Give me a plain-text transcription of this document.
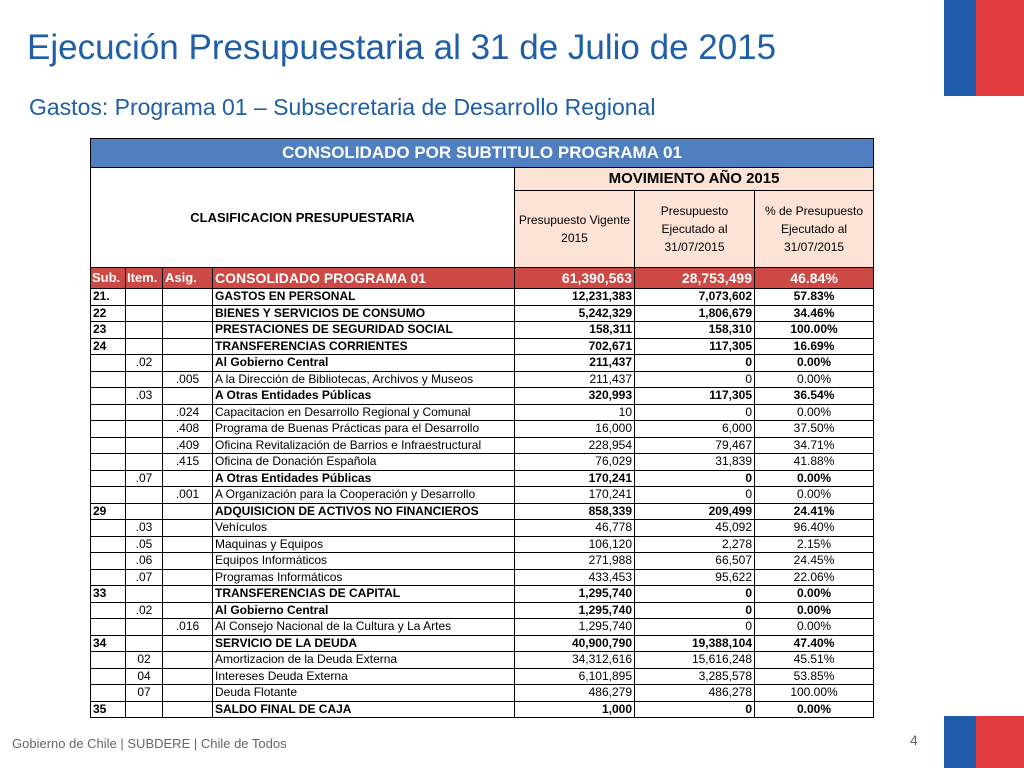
Ejecución Presupuestaria al 31 de Julio de 2015
Gastos: Programa 01 – Subsecretaria de Desarrollo Regional
CONSOLIDADO POR SUBTITULO PROGRAMA 01						
CLASIFICACION PRESUPUESTARIA				MOVIMIENTO AÑO 2015		
				Presupuesto Vigente 2015	Presupuesto Ejecutado al 31/07/2015	% de Presupuesto Ejecutado al 31/07/2015
Sub.	Item.	Asig.	CONSOLIDADO PROGRAMA 01	61,390,563	28,753,499	46.84%
21.			GASTOS EN PERSONAL	12,231,383	7,073,602	57.83%
22			BIENES Y SERVICIOS DE CONSUMO	5,242,329	1,806,679	34.46%
23			PRESTACIONES DE SEGURIDAD SOCIAL	158,311	158,310	100.00%
24			TRANSFERENCIAS CORRIENTES	702,671	117,305	16.69%
	.02		Al Gobierno Central	211,437	0	0.00%
		.005	A la Dirección de Bibliotecas, Archivos y Museos	211,437	0	0.00%
	.03		A Otras Entidades Públicas	320,993	117,305	36.54%
		.024	Capacitacion en Desarrollo Regional y Comunal	10	0	0.00%
		.408	Programa de Buenas Prácticas para el Desarrollo	16,000	6,000	37.50%
		.409	Oficina Revitalización de Barrios e Infraestructural	228,954	79,467	34.71%
		.415	Oficina de Donación Española	76,029	31,839	41.88%
	.07		A Otras Entidades Públicas	170,241	0	0.00%
		.001	A Organización para la Cooperación y Desarrollo	170,241	0	0.00%
29			ADQUISICION DE ACTIVOS NO FINANCIEROS	858,339	209,499	24.41%
	.03		Vehículos	46,778	45,092	96.40%
	.05		Maquinas y Equipos	106,120	2,278	2.15%
	.06		Equipos Informáticos	271,988	66,507	24.45%
	.07		Programas Informáticos	433,453	95,622	22.06%
33			TRANSFERENCIAS DE CAPITAL	1,295,740	0	0.00%
	.02		Al Gobierno Central	1,295,740	0	0.00%
		.016	Al Consejo Nacional de la Cultura y La Artes	1,295,740	0	0.00%
34			SERVICIO DE LA DEUDA	40,900,790	19,388,104	47.40%
	02		Amortizacion de la Deuda Externa	34,312,616	15,616,248	45.51%
	04		Intereses Deuda Externa	6,101,895	3,285,578	53.85%
	07		Deuda Flotante	486,279	486,278	100.00%
35			SALDO FINAL DE CAJA	1,000	0	0.00%
Gobierno de Chile | SUBDERE | Chile de Todos	4
